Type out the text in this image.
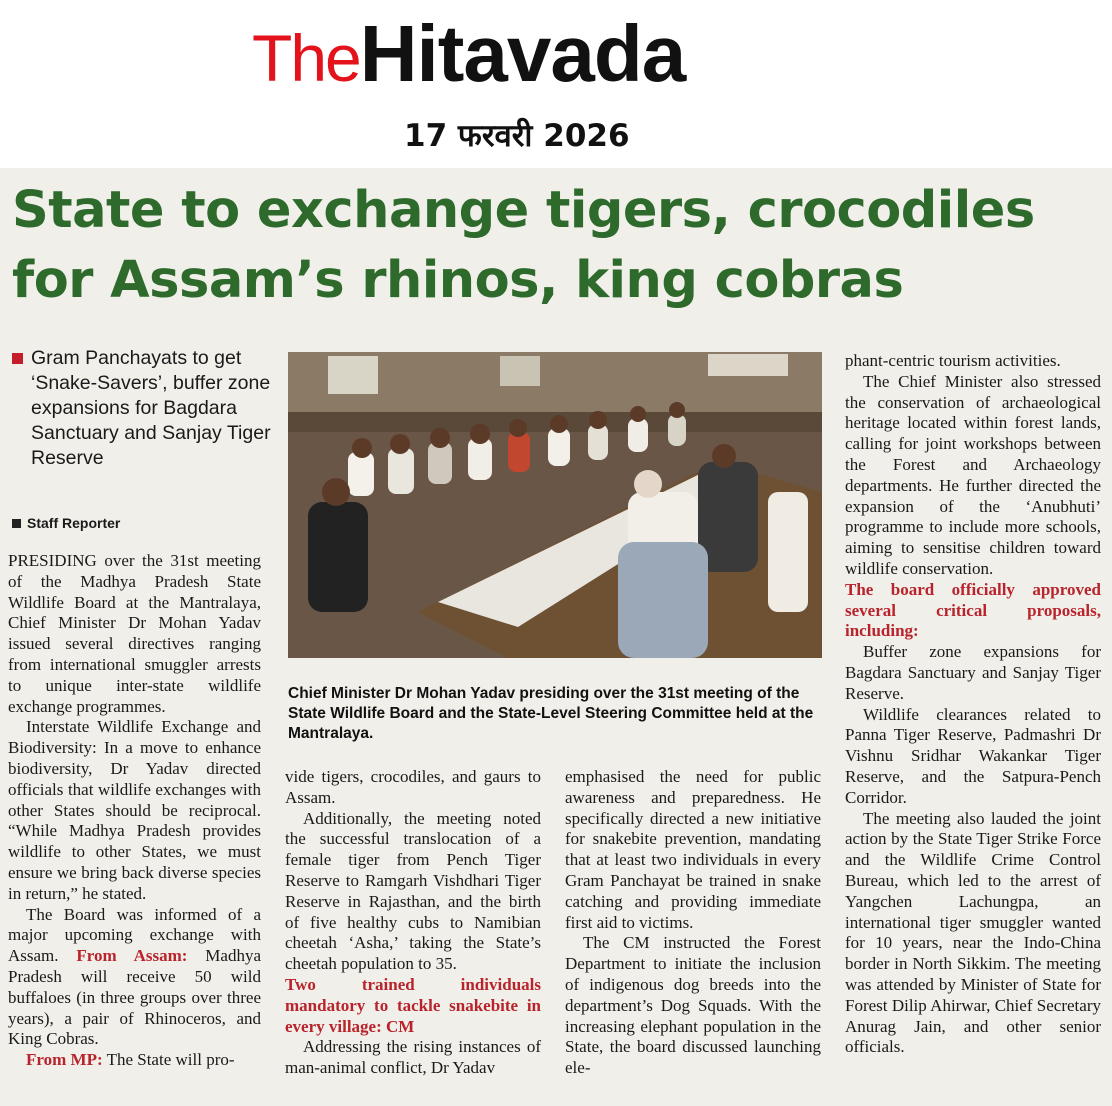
TheHitavada
17 फरवरी 2026
State to exchange tigers, crocodiles
for Assam’s rhinos, king cobras

Gram Panchayats to get ‘Snake-Savers’, buffer zone expansions for Bagdara Sanctuary and Sanjay Tiger Reserve

Staff Reporter

PRESIDING over the 31st meeting of the Madhya Pradesh State Wildlife Board at the Mantralaya, Chief Minister Dr Mohan Yadav issued several directives ranging from international smuggler arrests to unique inter-state wildlife exchange programmes.

Interstate Wildlife Exchange and Biodiversity: In a move to enhance biodiversity, Dr Yadav directed officials that wildlife exchanges with other States should be reciprocal. “While Madhya Pradesh provides wildlife to other States, we must ensure we bring back diverse species in return,” he stated.

The Board was informed of a major upcoming exchange with Assam. From Assam: Madhya Pradesh will receive 50 wild buffaloes (in three groups over three years), a pair of Rhinoceros, and King Cobras.

From MP: The State will pro-

Chief Minister Dr Mohan Yadav presiding over the 31st meeting of the State Wildlife Board and the State-Level Steering Committee held at the Mantralaya.

vide tigers, crocodiles, and gaurs to Assam.

Additionally, the meeting noted the successful translocation of a female tiger from Pench Tiger Reserve to Ramgarh Vishdhari Tiger Reserve in Rajasthan, and the birth of five healthy cubs to Namibian cheetah ‘Asha,’ taking the State’s cheetah population to 35.

Two trained individuals mandatory to tackle snakebite in every village: CM

Addressing the rising instances of man-animal conflict, Dr Yadav

emphasised the need for public awareness and preparedness. He specifically directed a new initiative for snakebite prevention, mandating that at least two individuals in every Gram Panchayat be trained in snake catching and providing immediate first aid to victims.

The CM instructed the Forest Department to initiate the inclusion of indigenous dog breeds into the department’s Dog Squads. With the increasing elephant population in the State, the board discussed launching ele-

phant-centric tourism activities.

The Chief Minister also stressed the conservation of archaeological heritage located within forest lands, calling for joint workshops between the Forest and Archaeology departments. He further directed the expansion of the ‘Anubhuti’ programme to include more schools, aiming to sensitise children toward wildlife conservation.

The board officially approved several critical proposals, including:

Buffer zone expansions for Bagdara Sanctuary and Sanjay Tiger Reserve.

Wildlife clearances related to Panna Tiger Reserve, Padmashri Dr Vishnu Sridhar Wakankar Tiger Reserve, and the Satpura-Pench Corridor.

The meeting also lauded the joint action by the State Tiger Strike Force and the Wildlife Crime Control Bureau, which led to the arrest of Yangchen Lachungpa, an international tiger smuggler wanted for 10 years, near the Indo-China border in North Sikkim. The meeting was attended by Minister of State for Forest Dilip Ahirwar, Chief Secretary Anurag Jain, and other senior officials.
